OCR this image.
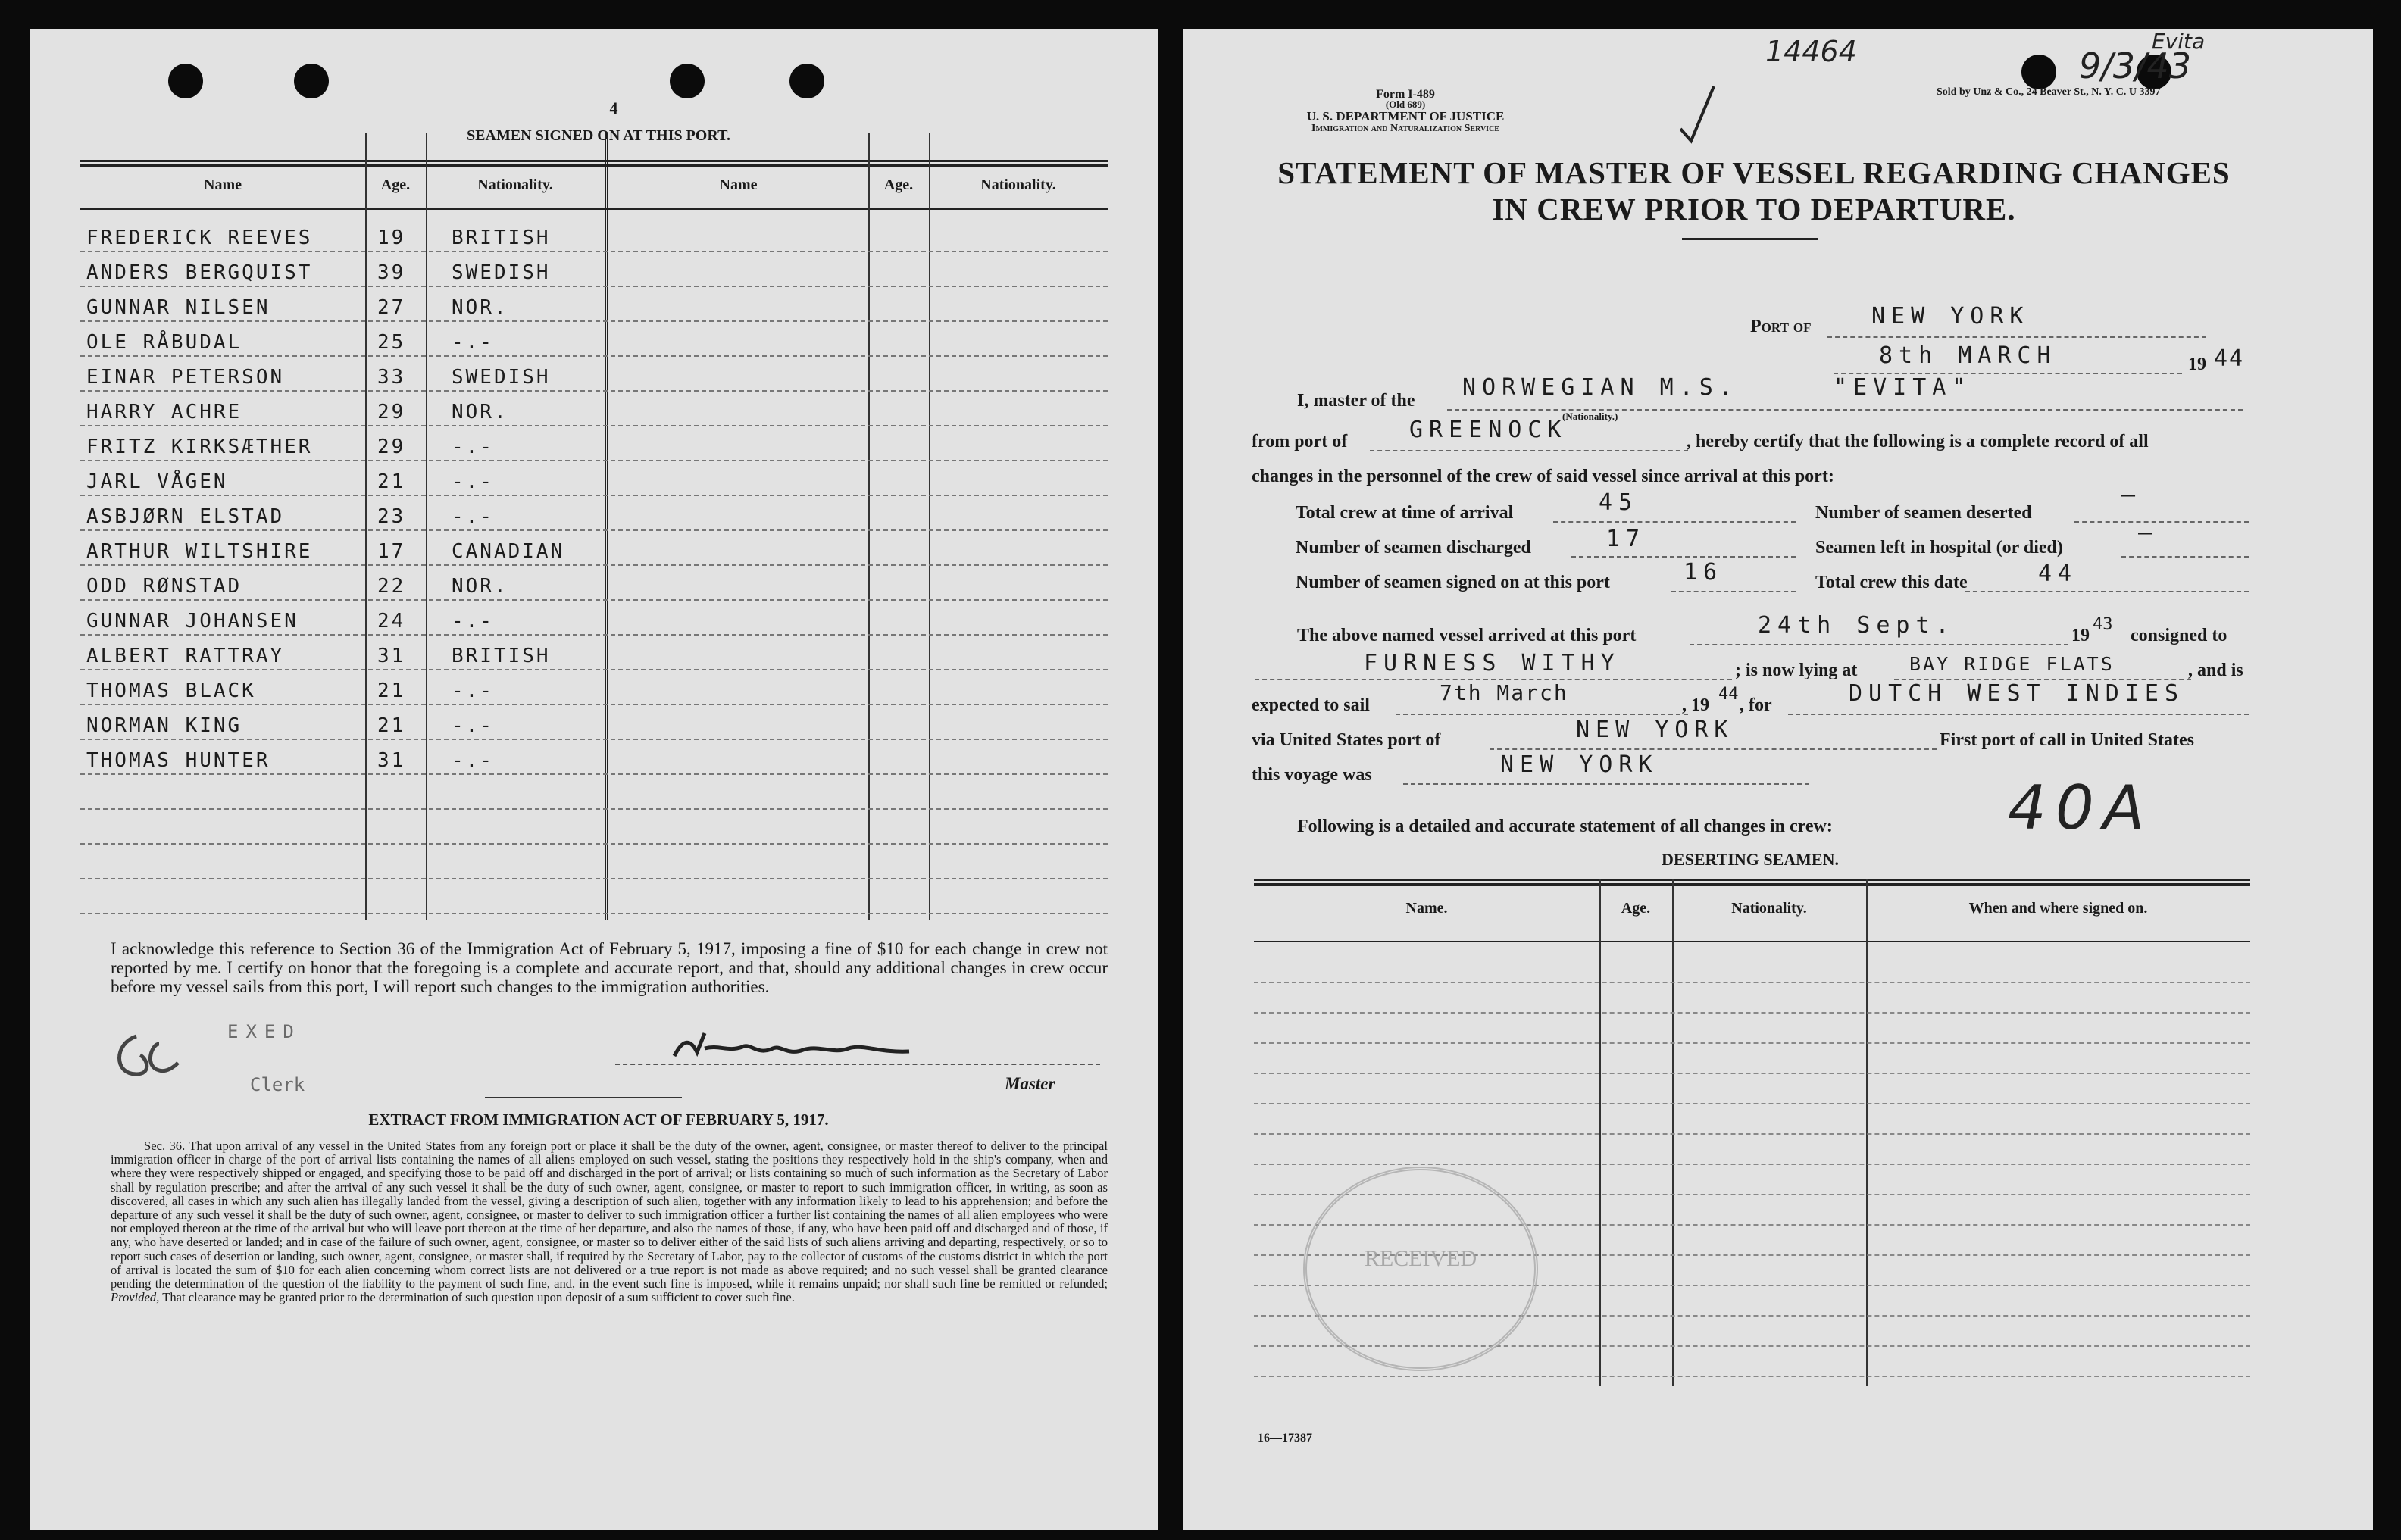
4
SEAMEN SIGNED ON AT THIS PORT.
Name	Age.	Nationality.	Name	Age.	Nationality.
FREDERICK REEVES	19 BRITISH
ANDERS BERGQUIST	39 SWEDISH
GUNNAR NILSEN	27 NOR.
OLE RÅBUDAL	25 -.-
EINAR PETERSON	33 SWEDISH
HARRY ACHRE	29 NOR.
FRITZ KIRKSÆTHER	29 -.-
JARL VÅGEN	21 -.-
ASBJØRN ELSTAD	23 -.-
ARTHUR WILTSHIRE	17 CANADIAN
ODD RØNSTAD	22 NOR.
GUNNAR JOHANSEN	24 -.-
ALBERT RATTRAY	31 BRITISH
THOMAS BLACK	21 -.-
NORMAN KING	21 -.-
THOMAS HUNTER	31 -.-
I acknowledge this reference to Section 36 of the Immigration Act of February 5, 1917, imposing a fine of $10 for each change in crew not reported by me. I certify on honor that the foregoing is a complete and accurate report, and that, should any additional changes in crew occur before my vessel sails from this port, I will report such changes to the immigration authorities.
EXED
Clerk	Master
EXTRACT FROM IMMIGRATION ACT OF FEBRUARY 5, 1917.
Sec. 36. That upon arrival of any vessel in the United States from any foreign port or place it shall be the duty of the owner, agent, consignee, or master thereof to deliver to the principal immigration officer in charge of the port of arrival lists containing the names of all aliens employed on such vessel, stating the positions they respectively hold in the ship's company, when and where they were respectively shipped or engaged, and specifying those to be paid off and discharged in the port of arrival; or lists containing so much of such information as the Secretary of Labor shall by regulation prescribe; and after the arrival of any such vessel it shall be the duty of such owner, agent, consignee, or master to report to such immigration officer, in writing, as soon as discovered, all cases in which any such alien has illegally landed from the vessel, giving a description of such alien, together with any information likely to lead to his apprehension; and before the departure of any such vessel it shall be the duty of such owner, agent, consignee, or master to deliver to such immigration officer a further list containing the names of all alien employees who were not employed thereon at the time of the arrival but who will leave port thereon at the time of her departure, and also the names of those, if any, who have been paid off and discharged and of those, if any, who have deserted or landed; and in case of the failure of such owner, agent, consignee, or master so to deliver either of the said lists of such aliens arriving and departing, respectively, or so to report such cases of desertion or landing, such owner, agent, consignee, or master shall, if required by the Secretary of Labor, pay to the collector of customs of the customs district in which the port of arrival is located the sum of $10 for each alien concerning whom correct lists are not delivered or a true report is not made as above required; and no such vessel shall be granted clearance pending the determination of the question of the liability to the payment of such fine, and, in the event such fine is imposed, while it remains unpaid; nor shall such fine be remitted or refunded; Provided, That clearance may be granted prior to the determination of such question upon deposit of a sum sufficient to cover such fine.
Form I-489
(Old 689)
U. S. DEPARTMENT OF JUSTICE
Immigration and Naturalization Service
Sold by Unz & Co., 24 Beaver St., N. Y. C. U 3397
14464	9/3/43
Evita
STATEMENT OF MASTER OF VESSEL REGARDING CHANGES
IN CREW PRIOR TO DEPARTURE.
Port of	NEW YORK
8th MARCH	19 44
I, master of the NORWEGIAN M.S.
(Nationality.)
"EVITA"
from port of	GREENOCK	, hereby certify that the following is a complete record of all
changes in the personnel of the crew of said vessel since arrival at this port:
Total crew at time of arrival	45	Number of seamen deserted
—
Number of seamen discharged	17	Seamen left in hospital (or died)
—
Number of seamen signed on at this port	16	Total crew this date	44
The above named vessel arrived at this port	24th Sept.	19
43
consigned to
FURNESS WITHY	; is now lying at	BAY RIDGE FLATS	, and is
expected to sail	7th March	, 19
44
, for	DUTCH WEST INDIES
via United States port of	NEW YORK	First port of call in United States
this voyage was	NEW YORK
Following is a detailed and accurate statement of all changes in crew:	40A
DESERTING SEAMEN.
Name.	Age.	Nationality.	When and where signed on.
RECEIVED
16—17387
